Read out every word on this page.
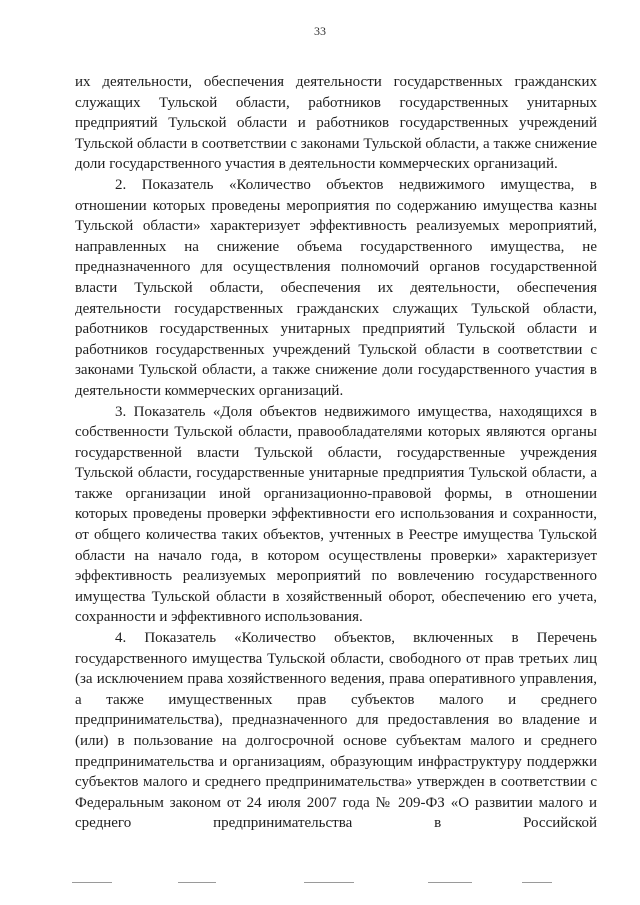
33

их деятельности, обеспечения деятельности государственных гражданских служащих Тульской области, работников государственных унитарных предприятий Тульской области и работников государственных учреждений Тульской области в соответствии с законами Тульской области, а также снижение доли государственного участия в деятельности коммерческих организаций.

2. Показатель «Количество объектов недвижимого имущества, в отношении которых проведены мероприятия по содержанию имущества казны Тульской области» характеризует эффективность реализуемых мероприятий, направленных на снижение объема государственного имущества, не предназначенного для осуществления полномочий органов государственной власти Тульской области, обеспечения их деятельности, обеспечения деятельности государственных гражданских служащих Тульской области, работников государственных унитарных предприятий Тульской области и работников государственных учреждений Тульской области в соответствии с законами Тульской области, а также снижение доли государственного участия в деятельности коммерческих организаций.

3. Показатель «Доля объектов недвижимого имущества, находящихся в собственности Тульской области, правообладателями которых являются органы государственной власти Тульской области, государственные учреждения Тульской области, государственные унитарные предприятия Тульской области, а также организации иной организационно-правовой формы, в отношении которых проведены проверки эффективности его использования и сохранности, от общего количества таких объектов, учтенных в Реестре имущества Тульской области на начало года, в котором осуществлены проверки» характеризует эффективность реализуемых мероприятий по вовлечению государственного имущества Тульской области в хозяйственный оборот, обеспечению его учета, сохранности и эффективного использования.

4. Показатель «Количество объектов, включенных в Перечень государственного имущества Тульской области, свободного от прав третьих лиц (за исключением права хозяйственного ведения, права оперативного управления, а также имущественных прав субъектов малого и среднего предпринимательства), предназначенного для предоставления во владение и (или) в пользование на долгосрочной основе субъектам малого и среднего предпринимательства и организациям, образующим инфраструктуру поддержки субъектов малого и среднего предпринимательства» утвержден в соответствии с Федеральным законом от 24 июля 2007 года № 209-ФЗ «О развитии малого и среднего предпринимательства в Российской
